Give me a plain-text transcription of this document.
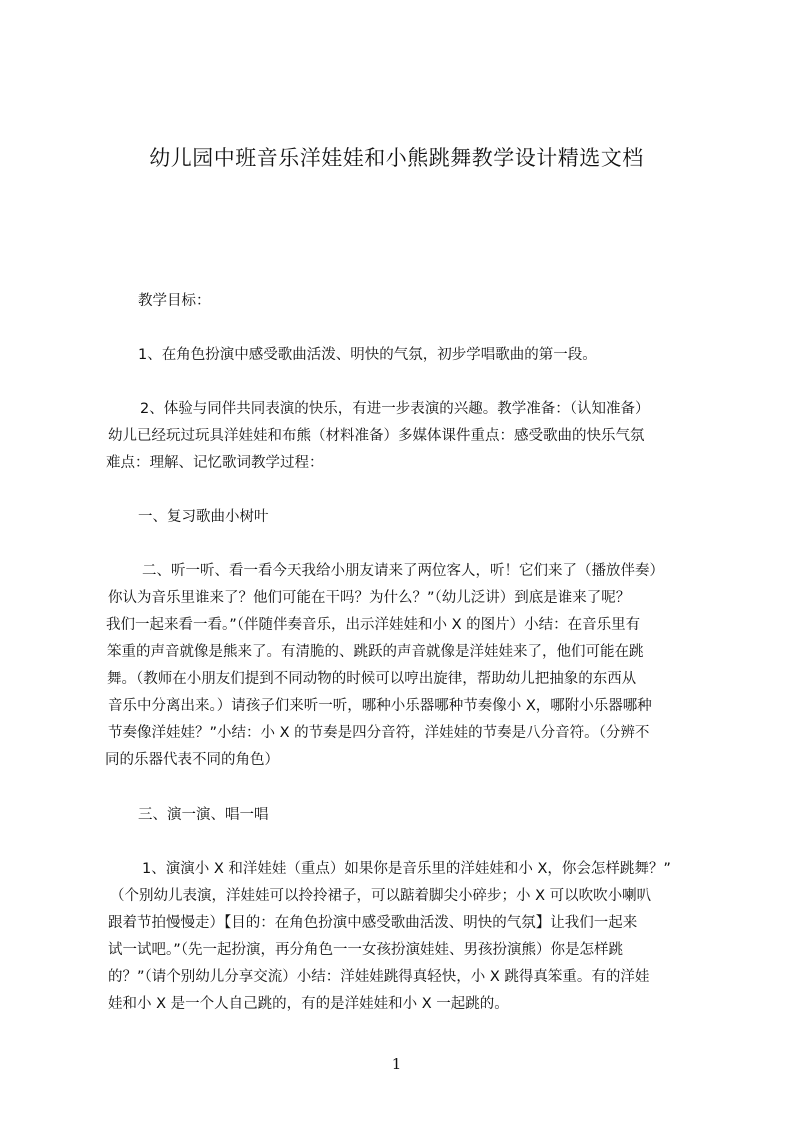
幼儿园中班音乐洋娃娃和小熊跳舞教学设计精选文档

教学目标：

1、在角色扮演中感受歌曲活泼、明快的气氛，初步学唱歌曲的第一段。

2、体验与同伴共同表演的快乐，有进一步表演的兴趣。教学准备：（认知准备）

幼儿已经玩过玩具洋娃娃和布熊（材料准备）多媒体课件重点：感受歌曲的快乐气氛

难点：理解、记忆歌词教学过程：

一、复习歌曲小树叶

二、听一听、看一看今天我给小朋友请来了两位客人，听！它们来了（播放伴奏）

你认为音乐里谁来了？他们可能在干吗？为什么？”（幼儿泛讲）到底是谁来了呢？

我们一起来看一看。”（伴随伴奏音乐，出示洋娃娃和小 X 的图片）小结：在音乐里有

笨重的声音就像是熊来了。有清脆的、跳跃的声音就像是洋娃娃来了，他们可能在跳

舞。（教师在小朋友们提到不同动物的时候可以哼出旋律，帮助幼儿把抽象的东西从

音乐中分离出来。）请孩子们来听一听，哪种小乐器哪种节奏像小 X，哪附小乐器哪种

节奏像洋娃娃？”小结：小 X 的节奏是四分音符，洋娃娃的节奏是八分音符。（分辨不

同的乐器代表不同的角色）

三、演一演、唱一唱

1、演演小 X 和洋娃娃（重点）如果你是音乐里的洋娃娃和小 X，你会怎样跳舞？”

（个别幼儿表演，洋娃娃可以拎拎裙子，可以踮着脚尖小碎步；小 X 可以吹吹小喇叭

跟着节拍慢慢走）【目的：在角色扮演中感受歌曲活泼、明快的气氛】让我们一起来

试一试吧。”（先一起扮演，再分角色一一女孩扮演娃娃、男孩扮演熊）你是怎样跳

的？”（请个别幼儿分享交流）小结：洋娃娃跳得真轻快，小 X 跳得真笨重。有的洋娃

娃和小 X 是一个人自己跳的，有的是洋娃娃和小 X 一起跳的。

1
